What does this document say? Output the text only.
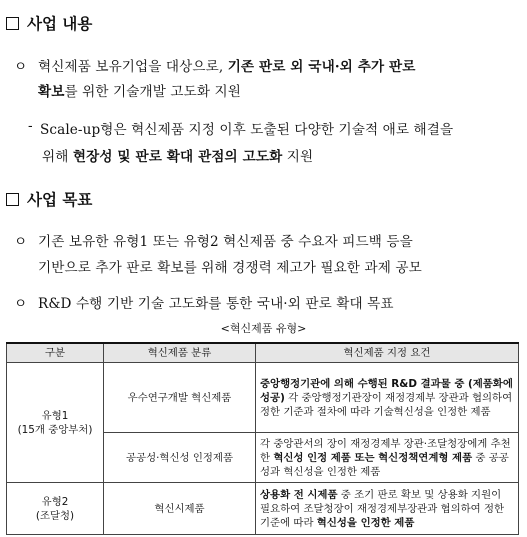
사업 내용
ㅇ 혁신제품 보유기업을 대상으로, 기존 판로 외 국내·외 추가 판로
확보를 위한 기술개발 고도화 지원
- Scale-up형은 혁신제품 지정 이후 도출된 다양한 기술적 애로 해결을
위해 현장성 및 판로 확대 관점의 고도화 지원
사업 목표
ㅇ 기존 보유한 유형1 또는 유형2 혁신제품 중 수요자 피드백 등을
기반으로 추가 판로 확보를 위해 경쟁력 제고가 필요한 과제 공모
ㅇ R&D 수행 기반 기술 고도화를 통한 국내·외 판로 확대 목표
<혁신제품 유형>
구분	혁신제품 분류	혁신제품 지정 요건

유형1
(15개 중앙부처)	우수연구개발 혁신제품	중앙행정기관에 의해 수행된 R&D 결과물 중 (제품화에 성공) 각 중앙행정기관장이 재정경제부 장관과 협의하여 정한 기준과 절차에 따라 기술혁신성을 인정한 제품
	공공성·혁신성 인정제품	각 중앙관서의 장이 재정경제부 장관·조달청장에게 추천한 혁신성 인정 제품 또는 혁신정책연계형 제품 중 공공성과 혁신성을 인정한 제품

유형2
(조달청)	혁신시제품	상용화 전 시제품 중 조기 판로 확보 및 상용화 지원이 필요하여 조달청장이 재정경제부장관과 협의하여 정한 기준에 따라 혁신성을 인정한 제품
